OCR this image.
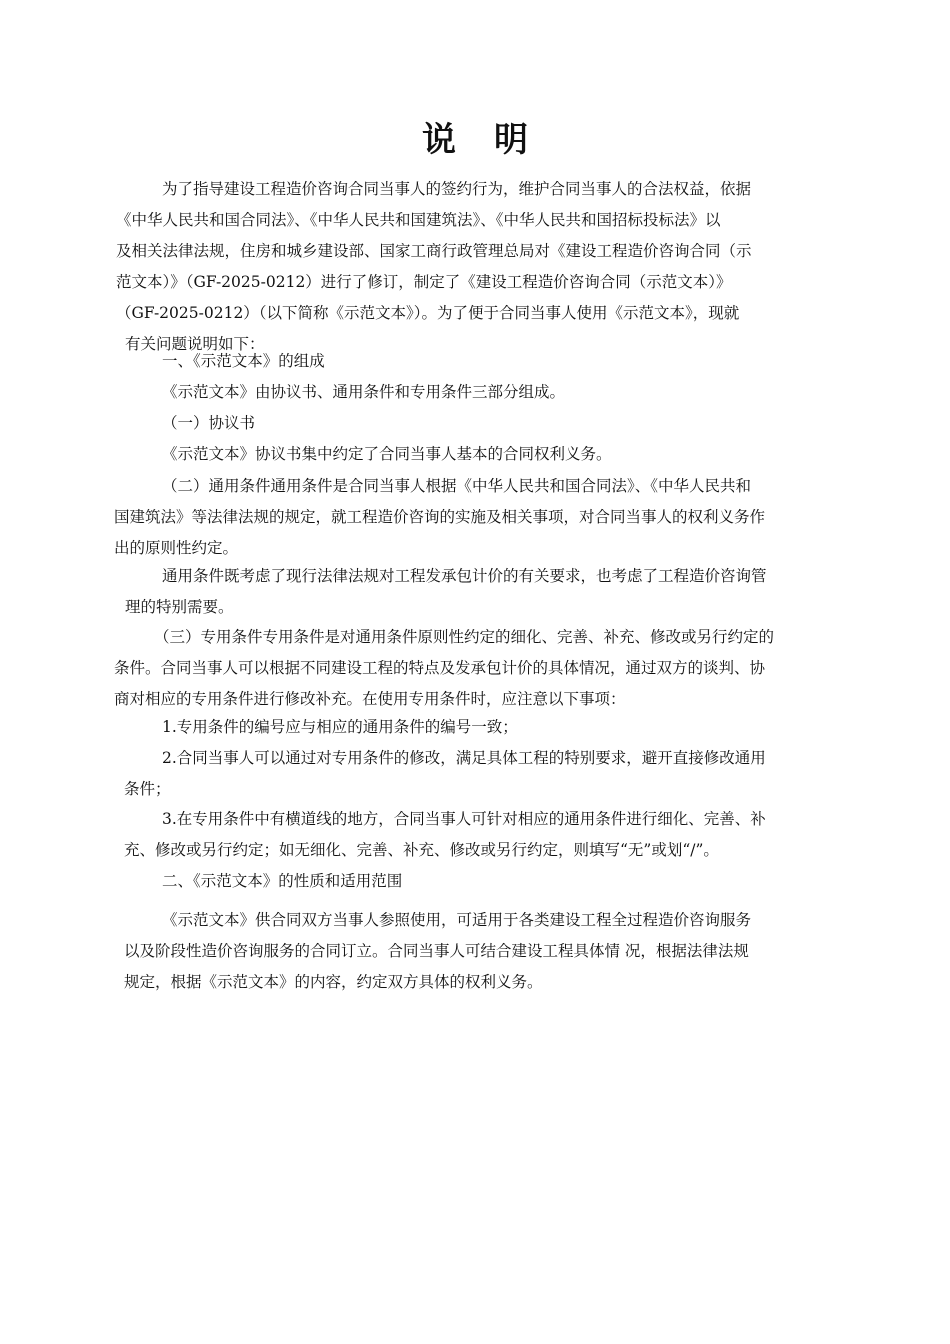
说明
为了指导建设工程造价咨询合同当事人的签约行为，维护合同当事人的合法权益，依据
《中华人民共和国合同法》、《中华人民共和国建筑法》、《中华人民共和国招标投标法》以
及相关法律法规，住房和城乡建设部、国家工商行政管理总局对《建设工程造价咨询合同（示
范文本）》（GF-2025-0212）进行了修订，制定了《建设工程造价咨询合同（示范文本）》
（GF-2025-0212）（以下简称《示范文本》）。为了便于合同当事人使用《示范文本》，现就
有关问题说明如下：
一、《示范文本》的组成
《示范文本》由协议书、通用条件和专用条件三部分组成。
（一）协议书
《示范文本》协议书集中约定了合同当事人基本的合同权利义务。
（二）通用条件通用条件是合同当事人根据《中华人民共和国合同法》、《中华人民共和
国建筑法》等法律法规的规定，就工程造价咨询的实施及相关事项，对合同当事人的权利义务作
出的原则性约定。
通用条件既考虑了现行法律法规对工程发承包计价的有关要求，也考虑了工程造价咨询管
理的特别需要。
（三）专用条件专用条件是对通用条件原则性约定的细化、完善、补充、修改或另行约定的
条件。合同当事人可以根据不同建设工程的特点及发承包计价的具体情况，通过双方的谈判、协
商对相应的专用条件进行修改补充。在使用专用条件时，应注意以下事项：
1.专用条件的编号应与相应的通用条件的编号一致；
2.合同当事人可以通过对专用条件的修改，满足具体工程的特别要求，避开直接修改通用
条件；
3.在专用条件中有横道线的地方，合同当事人可针对相应的通用条件进行细化、完善、补
充、修改或另行约定；如无细化、完善、补充、修改或另行约定，则填写“无”或划“/”。
二、《示范文本》的性质和适用范围
《示范文本》供合同双方当事人参照使用，可适用于各类建设工程全过程造价咨询服务
以及阶段性造价咨询服务的合同订立。合同当事人可结合建设工程具体情 况，根据法律法规
规定，根据《示范文本》的内容，约定双方具体的权利义务。
